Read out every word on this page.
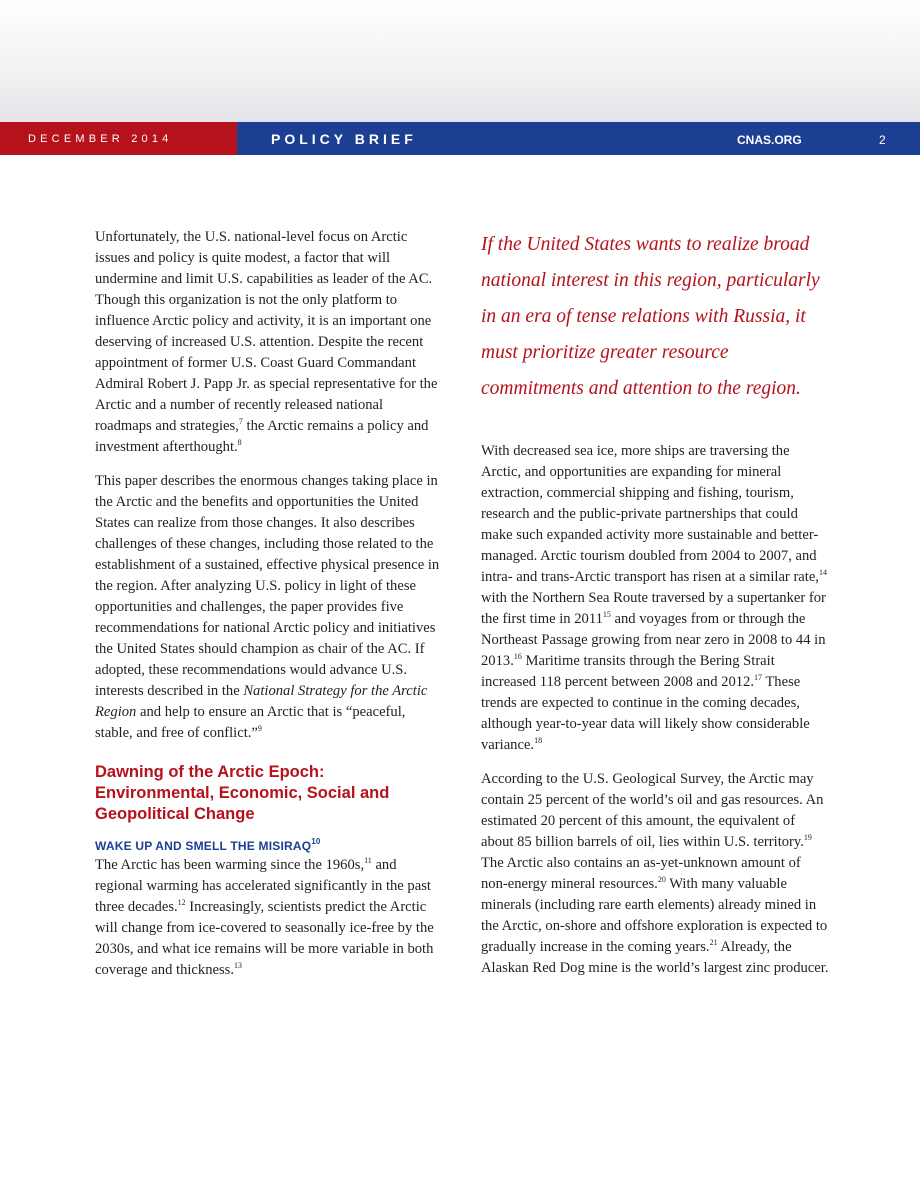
DECEMBER 2014	POLICY BRIEF	CNAS.ORG	2

Unfortunately, the U.S. national-level focus on Arctic issues and policy is quite modest, a factor that will undermine and limit U.S. capabilities as leader of the AC. Though this organization is not the only platform to influence Arctic policy and activity, it is an important one deserving of increased U.S. attention. Despite the recent appointment of former U.S. Coast Guard Commandant Admiral Robert J. Papp Jr. as special representative for the Arctic and a number of recently released national roadmaps and strategies,$^7$ the Arctic remains a policy and investment afterthought.$^8$

This paper describes the enormous changes taking place in the Arctic and the benefits and opportunities the United States can realize from those changes. It also describes challenges of these changes, including those related to the establishment of a sustained, effective physical presence in the region. After analyzing U.S. policy in light of these opportunities and challenges, the paper provides five recommendations for national Arctic policy and initiatives the United States should champion as chair of the AC. If adopted, these recommendations would advance U.S. interests described in the National Strategy for the Arctic Region and help to ensure an Arctic that is “peaceful, stable, and free of conflict.”$^9$

Dawning of the Arctic Epoch: Environmental, Economic, Social and Geopolitical Change
WAKE UP AND SMELL THE MISIRAQ$^{10}$

The Arctic has been warming since the 1960s,$^{11}$ and regional warming has accelerated significantly in the past three decades.$^{12}$ Increasingly, scientists predict the Arctic will change from ice-covered to seasonally ice-free by the 2030s, and what ice remains will be more variable in both coverage and thickness.$^{13}$

If the United States wants to realize broad national interest in this region, particularly in an era of tense relations with Russia, it must prioritize greater resource commitments and attention to the region.

With decreased sea ice, more ships are traversing the Arctic, and opportunities are expanding for mineral extraction, commercial shipping and fishing, tourism, research and the public-private partnerships that could make such expanded activity more sustainable and better-managed. Arctic tourism doubled from 2004 to 2007, and intra- and trans-Arctic transport has risen at a similar rate,$^{14}$ with the Northern Sea Route traversed by a supertanker for the first time in 2011$^{15}$ and voyages from or through the Northeast Passage growing from near zero in 2008 to 44 in 2013.16 Maritime transits through the Bering Strait increased 118 percent between 2008 and 2012.17 These trends are expected to continue in the coming decades, although year-to-year data will likely show considerable variance.$^{18}$

According to the U.S. Geological Survey, the Arctic may contain 25 percent of the world’s oil and gas resources. An estimated 20 percent of this amount, the equivalent of about 85 billion barrels of oil, lies within U.S. territory.$^{19}$ The Arctic also contains an as-yet-unknown amount of non-energy mineral resources.$^{20}$ With many valuable minerals (including rare earth elements) already mined in the Arctic, on-shore and offshore exploration is expected to gradually increase in the coming years.$^{21}$ Already, the Alaskan Red Dog mine is the world’s largest zinc producer.
